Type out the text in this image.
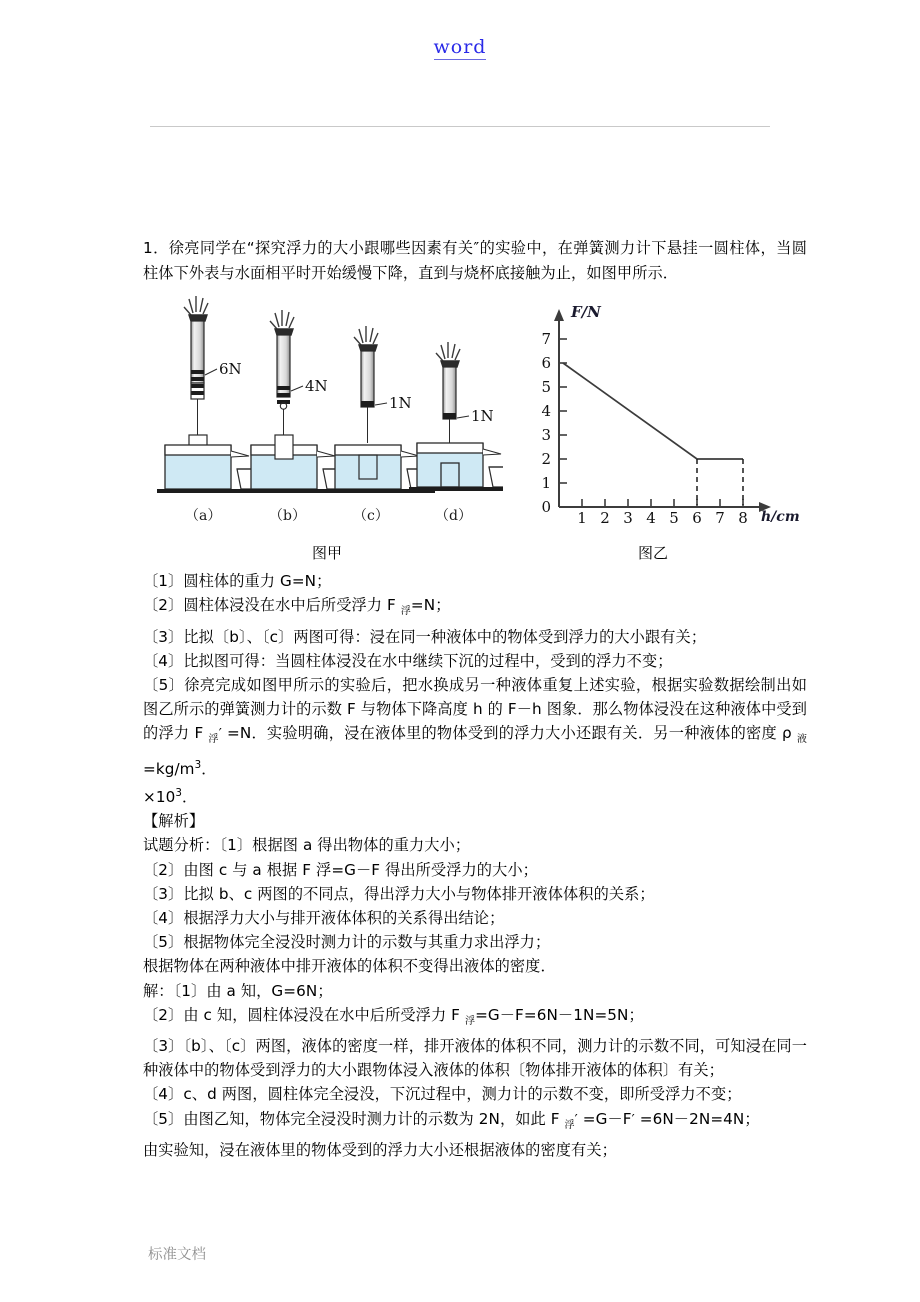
word

1．徐亮同学在“探究浮力的大小跟哪些因素有关″的实验中，在弹簧测力计下悬挂一圆柱体，当圆柱体下外表与水面相平时开始缓慢下降，直到与烧杯底接触为止，如图甲所示．

6N
4N
1N
1N
（a）	（b）	（c）	（d）
图甲
F/N
h/cm
7
6
5
4
3
2
1
0
1 2 3 4 5 6 7 8
图乙

〔1〕圆柱体的重力 G=N；

〔2〕圆柱体浸没在水中后所受浮力 F $_浮$=N；

〔3〕比拟〔b〕、〔c〕两图可得：浸在同一种液体中的物体受到浮力的大小跟有关；

〔4〕比拟图可得：当圆柱体浸没在水中继续下沉的过程中，受到的浮力不变；

〔5〕徐亮完成如图甲所示的实验后，把水换成另一种液体重复上述实验，根据实验数据绘制出如图乙所示的弹簧测力计的示数 F 与物体下降高度 h 的 F－h 图象．那么物体浸没在这种液体中受到的浮力 F $_浮$′ =N．实验明确，浸在液体里的物体受到的浮力大小还跟有关．另一种液体的密度 ρ $_液=kg/m^3$．

$\times 10^3$．

【解析】

试题分析：〔1〕根据图 a 得出物体的重力大小；

〔2〕由图 c 与 a 根据 F 浮=G－F 得出所受浮力的大小；

〔3〕比拟 b、c 两图的不同点，得出浮力大小与物体排开液体体积的关系；

〔4〕根据浮力大小与排开液体体积的关系得出结论；

〔5〕根据物体完全浸没时测力计的示数与其重力求出浮力；

根据物体在两种液体中排开液体的体积不变得出液体的密度．

解：〔1〕由 a 知，G=6N；

〔2〕由 c 知，圆柱体浸没在水中后所受浮力 F $_浮$=G－F=6N－1N=5N；

〔3〕〔b〕、〔c〕两图，液体的密度一样，排开液体的体积不同，测力计的示数不同，可知浸在同一种液体中的物体受到浮力的大小跟物体浸入液体的体积〔物体排开液体的体积〕有关；

〔4〕c、d 两图，圆柱体完全浸没，下沉过程中，测力计的示数不变，即所受浮力不变；

〔5〕由图乙知，物体完全浸没时测力计的示数为 2N，如此 F $_浮$′ =G－F′ =6N－2N=4N；

由实验知，浸在液体里的物体受到的浮力大小还根据液体的密度有关；

标准文档
